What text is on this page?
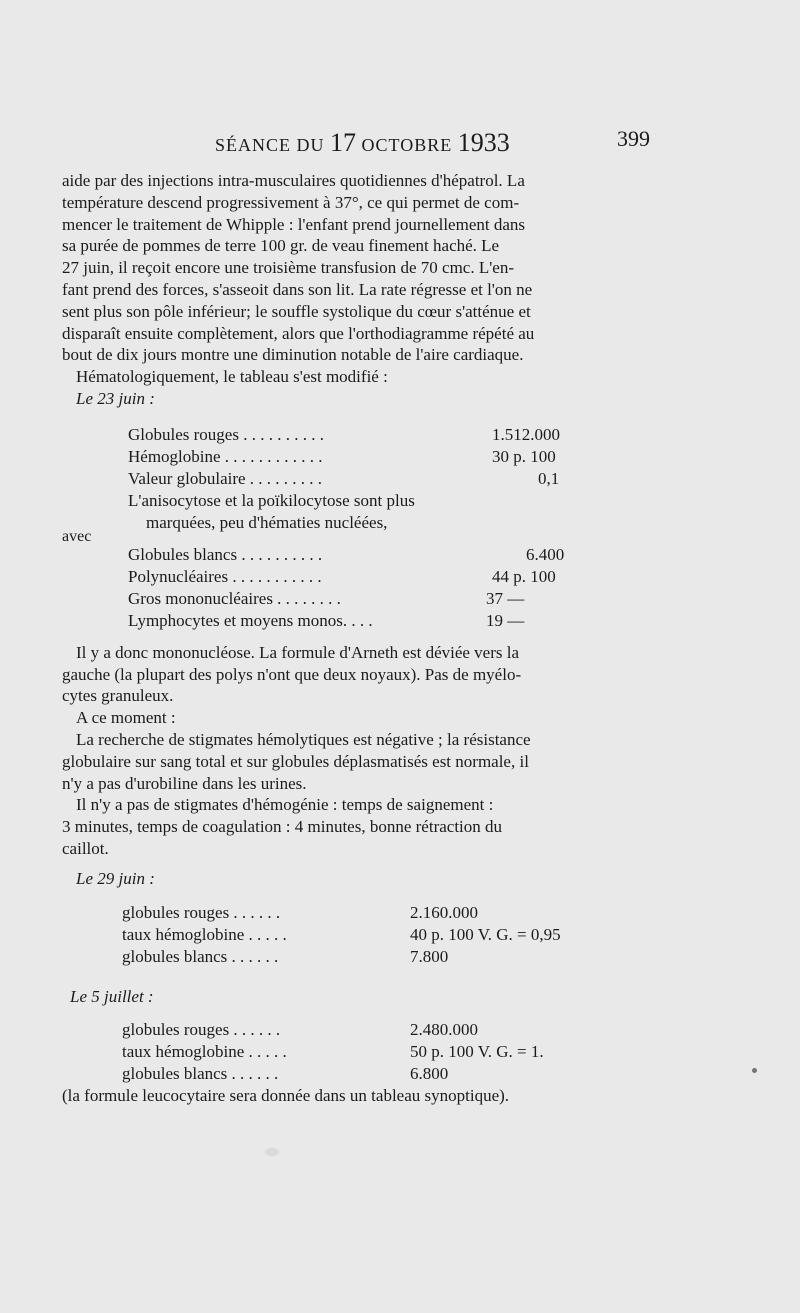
SÉANCE DU 17 OCTOBRE 1933	399

aide par des injections intra-musculaires quotidiennes d'hépatrol. La
température descend progressivement à 37°, ce qui permet de com-
mencer le traitement de Whipple : l'enfant prend journellement dans
sa purée de pommes de terre 100 gr. de veau finement haché. Le
27 juin, il reçoit encore une troisième transfusion de 70 cmc. L'en-
fant prend des forces, s'asseoit dans son lit. La rate régresse et l'on ne
sent plus son pôle inférieur; le souffle systolique du cœur s'atténue et
disparaît ensuite complètement, alors que l'orthodiagramme répété au
bout de dix jours montre une diminution notable de l'aire cardiaque.

Hématologiquement, le tableau s'est modifié :

Le 23 juin :

Globules rouges . . . . . . . . . .	1.512.000
Hémoglobine . . . . . . . . . . . .	30 p. 100
Valeur globulaire . . . . . . . . .	0,1
L'anisocytose et la poïkilocytose sont plus
marquées, peu d'hématies nucléées,
avec
Globules blancs . . . . . . . . . .	6.400
Polynucléaires . . . . . . . . . . .	44 p. 100
Gros mononucléaires . . . . . . . .	37 —
Lymphocytes et moyens monos. . . .	19 —

Il y a donc mononucléose. La formule d'Arneth est déviée vers la
gauche (la plupart des polys n'ont que deux noyaux). Pas de myélo-
cytes granuleux.

A ce moment :

La recherche de stigmates hémolytiques est négative ; la résistance
globulaire sur sang total et sur globules déplasmatisés est normale, il
n'y a pas d'urobiline dans les urines.

Il n'y a pas de stigmates d'hémogénie : temps de saignement :
3 minutes, temps de coagulation : 4 minutes, bonne rétraction du
caillot.

Le 29 juin :

globules rouges . . . . . .	2.160.000
taux hémoglobine . . . . .	40 p. 100 V. G. = 0,95
globules blancs . . . . . .	7.800

Le 5 juillet :

globules rouges . . . . . .	2.480.000
taux hémoglobine . . . . .	50 p. 100 V. G. = 1.
globules blancs . . . . . .	6.800

(la formule leucocytaire sera donnée dans un tableau synoptique).
